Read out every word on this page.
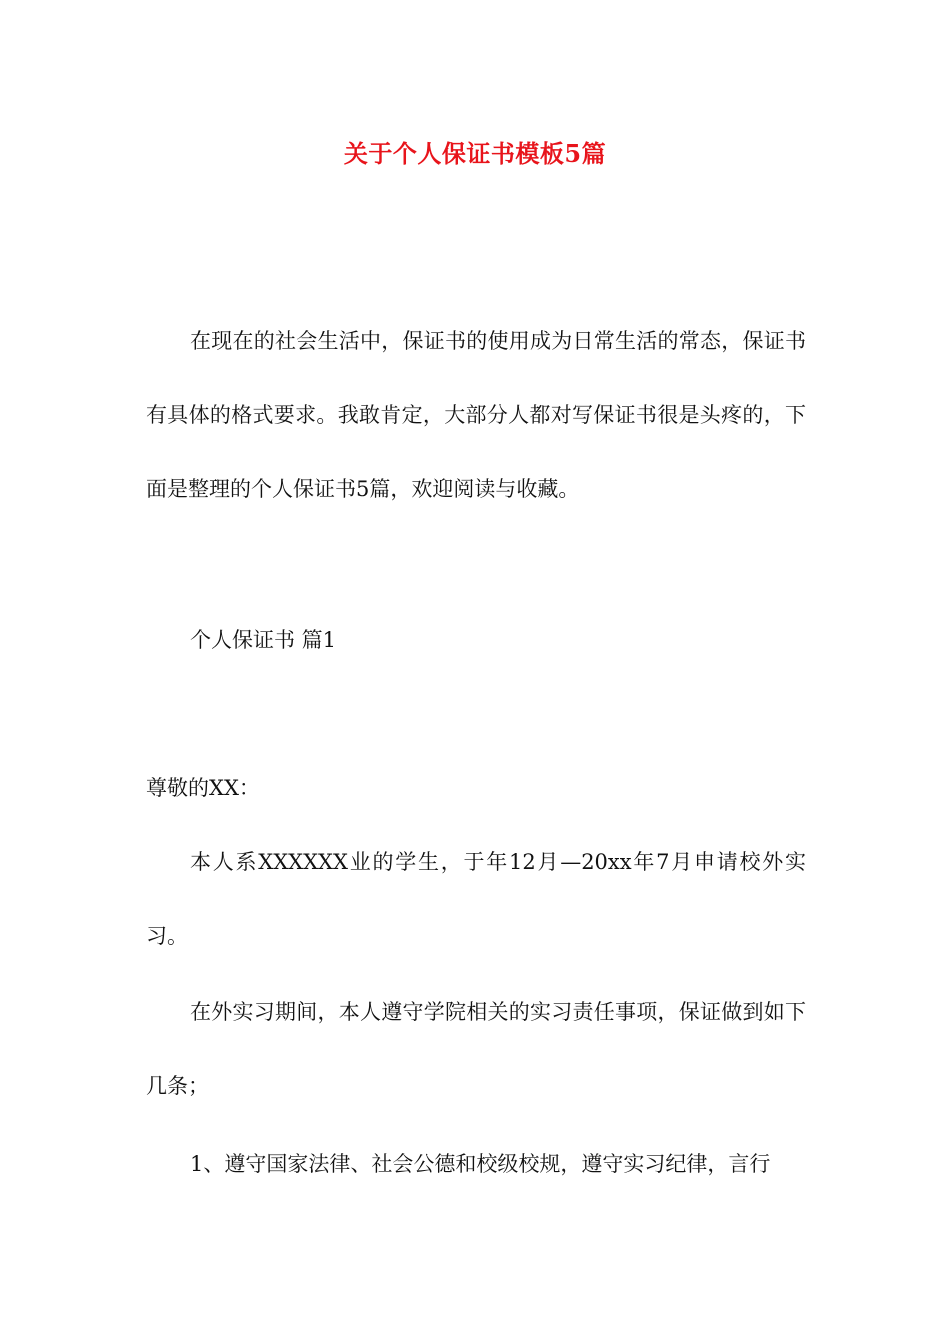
关于个人保证书模板5篇

在现在的社会生活中，保证书的使用成为日常生活的常态，保证书有具体的格式要求。我敢肯定，大部分人都对写保证书很是头疼的，下面是整理的个人保证书5篇，欢迎阅读与收藏。

个人保证书 篇1
尊敬的XX：

本人系XXXXXX业的学生，于年12月—20xx年7月申请校外实习。

在外实习期间，本人遵守学院相关的实习责任事项，保证做到如下几条；

1、遵守国家法律、社会公德和校级校规，遵守实习纪律，言行
